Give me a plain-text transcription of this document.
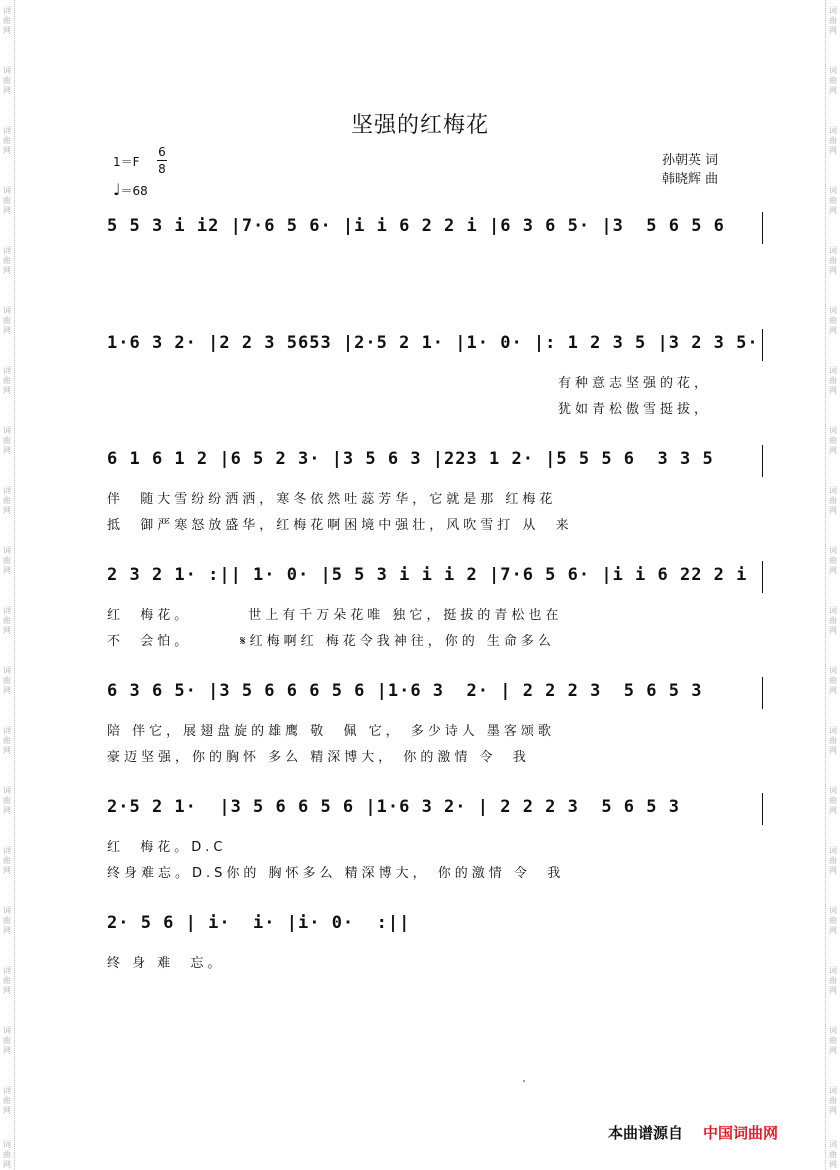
词曲网
词曲网
词曲网
词曲网
词曲网
词曲网
词曲网
词曲网
词曲网
词曲网
词曲网
词曲网
词曲网
词曲网
词曲网
词曲网
词曲网
词曲网
词曲网
词曲网
词曲网
词曲网
词曲网
词曲网
词曲网
词曲网
词曲网
词曲网
词曲网
词曲网
词曲网
词曲网
词曲网
词曲网
词曲网
词曲网
词曲网
词曲网
词曲网
词曲网
坚强的红梅花
1＝F
6
8
♩＝68
孙朝英 词
韩晓辉 曲
5 5 3 i i2 |7·6 5 6· |i i 6 2 2 i |6 3 6 5· |3  5 6 5 6
1·6 3 2· |2 2 3 5653 |2·5 2 1· |1· 0· |: 1 2 3 5 |3 2 3 5·
有种意志坚强的花，
犹如青松傲雪挺拔，
6 1 6 1 2 |6 5 2 3· |3 5 6 3 |223 1 2· |5 5 5 6  3 3 5
伴  随大雪纷纷洒洒，寒冬依然吐蕊芳华，它就是那 红梅花
抵  御严寒怒放盛华，红梅花啊困境中强壮，风吹雪打 从  来
2 3 2 1· :|| 1· 0· |5 5 3 i i i 2 |7·6 5 6· |i i 6 22 2 i
红  梅花。       世上有千万朵花唯 独它，挺拔的青松也在
不  会怕。      𝄋红梅啊红 梅花令我神往，你的 生命多么
6 3 6 5· |3 5 6 6 6 5 6 |1·6 3  2· | 2 2 2 3  5 6 5 3
陪 伴它，展翅盘旋的雄鹰 敬  佩 它， 多少诗人 墨客颂歌
豪迈坚强，你的胸怀 多么 精深博大， 你的激情 令  我
2·5 2 1·  |3 5 6 6 5 6 |1·6 3 2· | 2 2 2 3  5 6 5 3
红  梅花。D.C
终身难忘。D.S你的 胸怀多么 精深博大， 你的激情 令  我
2· 5 6 | i·  i· |i· 0·  :||
终 身 难  忘。
本曲谱源自 中国词曲网
